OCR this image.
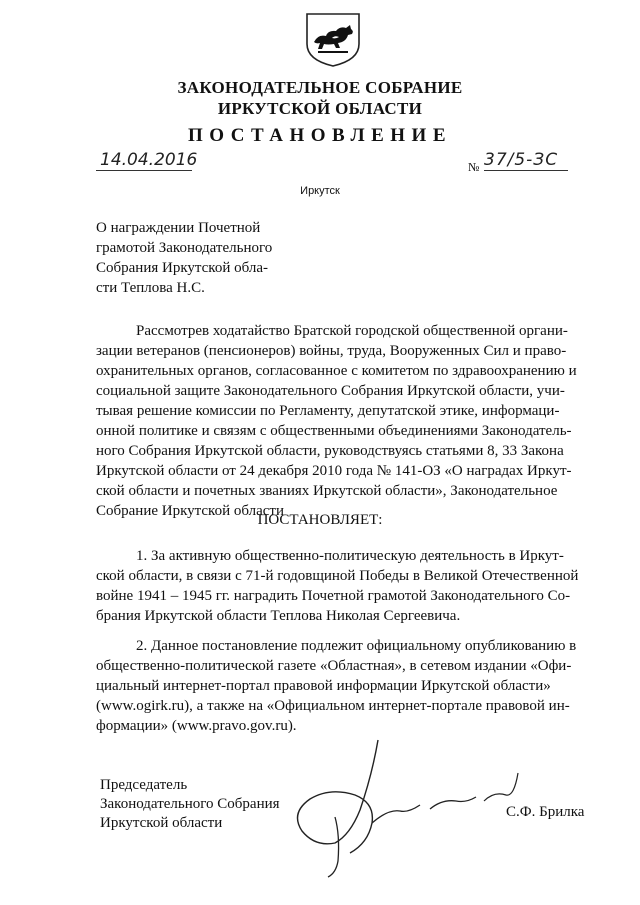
ЗАКОНОДАТЕЛЬНОЕ СОБРАНИЕ
ИРКУТСКОЙ ОБЛАСТИ
ПОСТАНОВЛЕНИЕ
14.04.2016	№ 37/5-ЗС
Иркутск
О награждении Почетной
грамотой Законодательного
Собрания Иркутской обла-
сти Теплова Н.С.
Рассмотрев ходатайство Братской городской общественной органи-
зации ветеранов (пенсионеров) войны, труда, Вооруженных Сил и право-
охранительных органов, согласованное с комитетом по здравоохранению и
социальной защите Законодательного Собрания Иркутской области, учи-
тывая решение комиссии по Регламенту, депутатской этике, информаци-
онной политике и связям с общественными объединениями Законодатель-
ного Собрания Иркутской области, руководствуясь статьями 8, 33 Закона
Иркутской области от 24 декабря 2010 года № 141-ОЗ «О наградах Иркут-
ской области и почетных званиях Иркутской области», Законодательное
Собрание Иркутской области
ПОСТАНОВЛЯЕТ:
1. За активную общественно-политическую деятельность в Иркут-
ской области, в связи с 71-й годовщиной Победы в Великой Отечественной
войне 1941 – 1945 гг. наградить Почетной грамотой Законодательного Со-
брания Иркутской области Теплова Николая Сергеевича.
2. Данное постановление подлежит официальному опубликованию в
общественно-политической газете «Областная», в сетевом издании «Офи-
циальный интернет-портал правовой информации Иркутской области»
(www.ogirk.ru), а также на «Официальном интернет-портале правовой ин-
формации» (www.pravo.gov.ru).
Председатель
Законодательного Собрания
Иркутской области
С.Ф. Брилка
